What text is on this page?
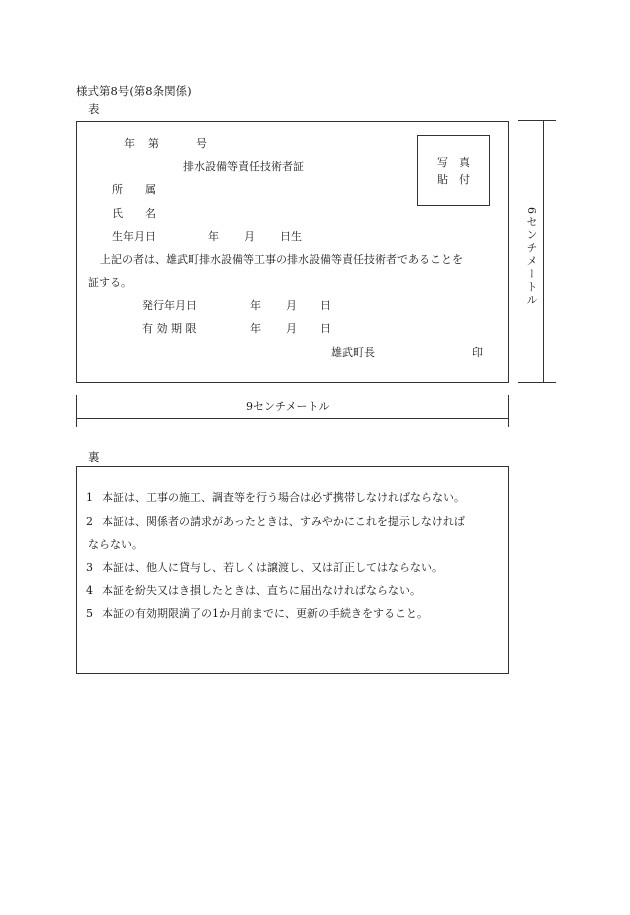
様式第8号(第8条関係)
表
年 第	号
排水設備等責任技術者証	写　真
貼　付
所　　属
氏　　名
生年月日	年 月 日生
上記の者は、雄武町排水設備等工事の排水設備等責任技術者であることを
証する。
発行年月日	年 月 日
有 効 期 限	年 月 日
雄武町長	印
6センチメートル
9センチメートル
裏
1 本証は、工事の施工、調査等を行う場合は必ず携帯しなければならない。
2 本証は、関係者の請求があったときは、すみやかにこれを提示しなければ
ならない。
3 本証は、他人に貸与し、若しくは譲渡し、又は訂正してはならない。
4 本証を紛失又はき損したときは、直ちに届出なければならない。
5 本証の有効期限満了の1か月前までに、更新の手続きをすること。
